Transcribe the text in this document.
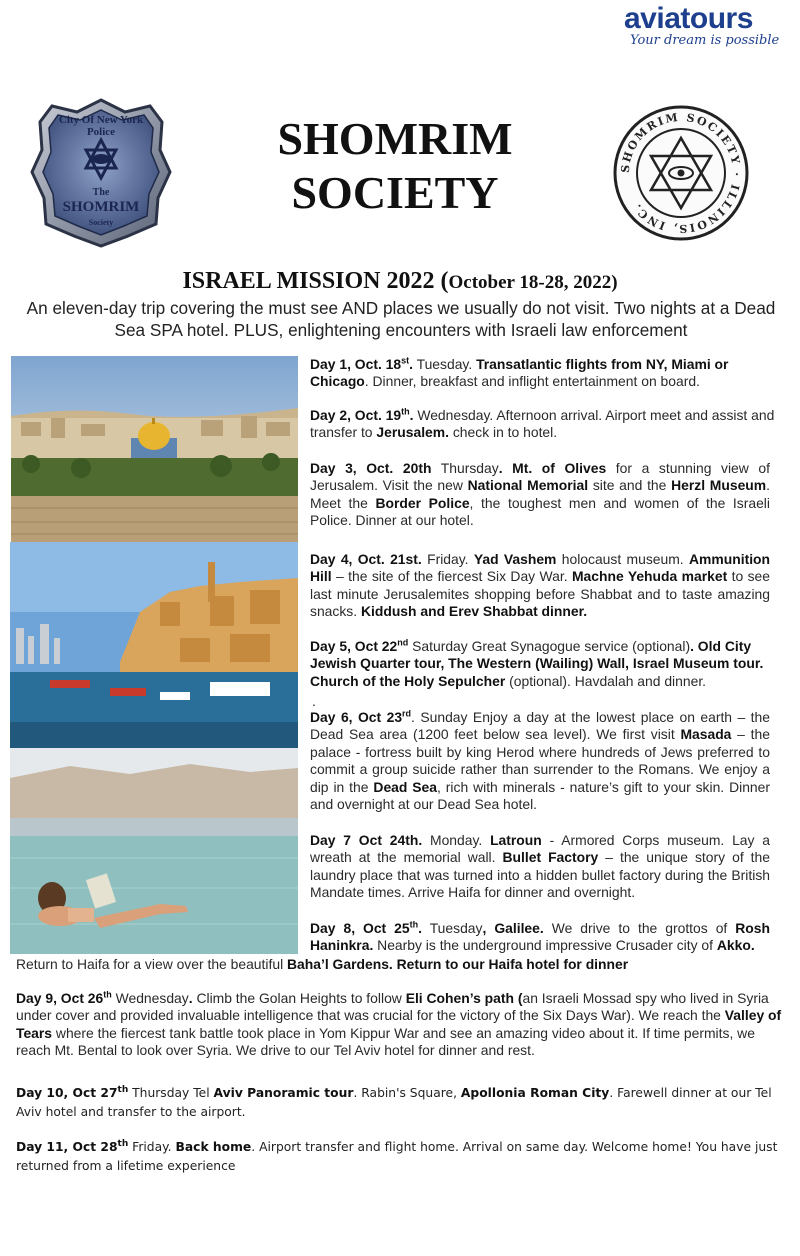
aviatours
Your dream is possible
City Of New York
Police
The
SHOMRIM
Society
SHOMRIM
SOCIETY	SHOMRIM SOCIETY · ILLINOIS, INC.
ISRAEL MISSION 2022 (October 18-28, 2022)
An eleven-day trip covering the must see AND places we usually do not visit. Two nights at a Dead Sea SPA hotel. PLUS, enlightening encounters with Israeli law enforcement

Day 1, Oct. 18st. Tuesday. Transatlantic flights from NY, Miami or Chicago. Dinner, breakfast and inflight entertainment on board.

Day 2, Oct. 19th. Wednesday. Afternoon arrival. Airport meet and assist and transfer to Jerusalem. check in to hotel.

Day 3, Oct. 20th Thursday. Mt. of Olives for a stunning view of Jerusalem. Visit the new National Memorial site and the Herzl Museum. Meet the Border Police, the toughest men and women of the Israeli Police. Dinner at our hotel.

Day 4, Oct. 21st. Friday. Yad Vashem holocaust museum. Ammunition Hill – the site of the fiercest Six Day War. Machne Yehuda market to see last minute Jerusalemites shopping before Shabbat and to taste amazing snacks. Kiddush and Erev Shabbat dinner.

Day 5, Oct 22nd Saturday Great Synagogue service (optional). Old City Jewish Quarter tour, The Western (Wailing) Wall, Israel Museum tour. Church of the Holy Sepulcher (optional). Havdalah and dinner.

.

Day 6, Oct 23rd. Sunday Enjoy a day at the lowest place on earth – the Dead Sea area (1200 feet below sea level). We first visit Masada – the palace - fortress built by king Herod where hundreds of Jews preferred to commit a group suicide rather than surrender to the Romans. We enjoy a dip in the Dead Sea, rich with minerals - nature’s gift to your skin. Dinner and overnight at our Dead Sea hotel.

Day 7 Oct 24th. Monday. Latroun - Armored Corps museum. Lay a wreath at the memorial wall. Bullet Factory – the unique story of the laundry place that was turned into a hidden bullet factory during the British Mandate times. Arrive Haifa for dinner and overnight.

Day 8, Oct 25th. Tuesday, Galilee. We drive to the grottos of Rosh Haninkra. Nearby is the underground impressive Crusader city of Akko.

Return to Haifa for a view over the beautiful Baha’l Gardens. Return to our Haifa hotel for dinner

Day 9, Oct 26th Wednesday. Climb the Golan Heights to follow Eli Cohen’s path (an Israeli Mossad spy who lived in Syria under cover and provided invaluable intelligence that was crucial for the victory of the Six Days War). We reach the Valley of Tears where the fiercest tank battle took place in Yom Kippur War and see an amazing video about it. If time permits, we reach Mt. Bental to look over Syria. We drive to our Tel Aviv hotel for dinner and rest.

Day 10, Oct 27th Thursday Tel Aviv Panoramic tour. Rabin's Square, Apollonia Roman City. Farewell dinner at our Tel Aviv hotel and transfer to the airport.

Day 11, Oct 28th Friday. Back home. Airport transfer and flight home. Arrival on same day. Welcome home! You have just returned from a lifetime experience
